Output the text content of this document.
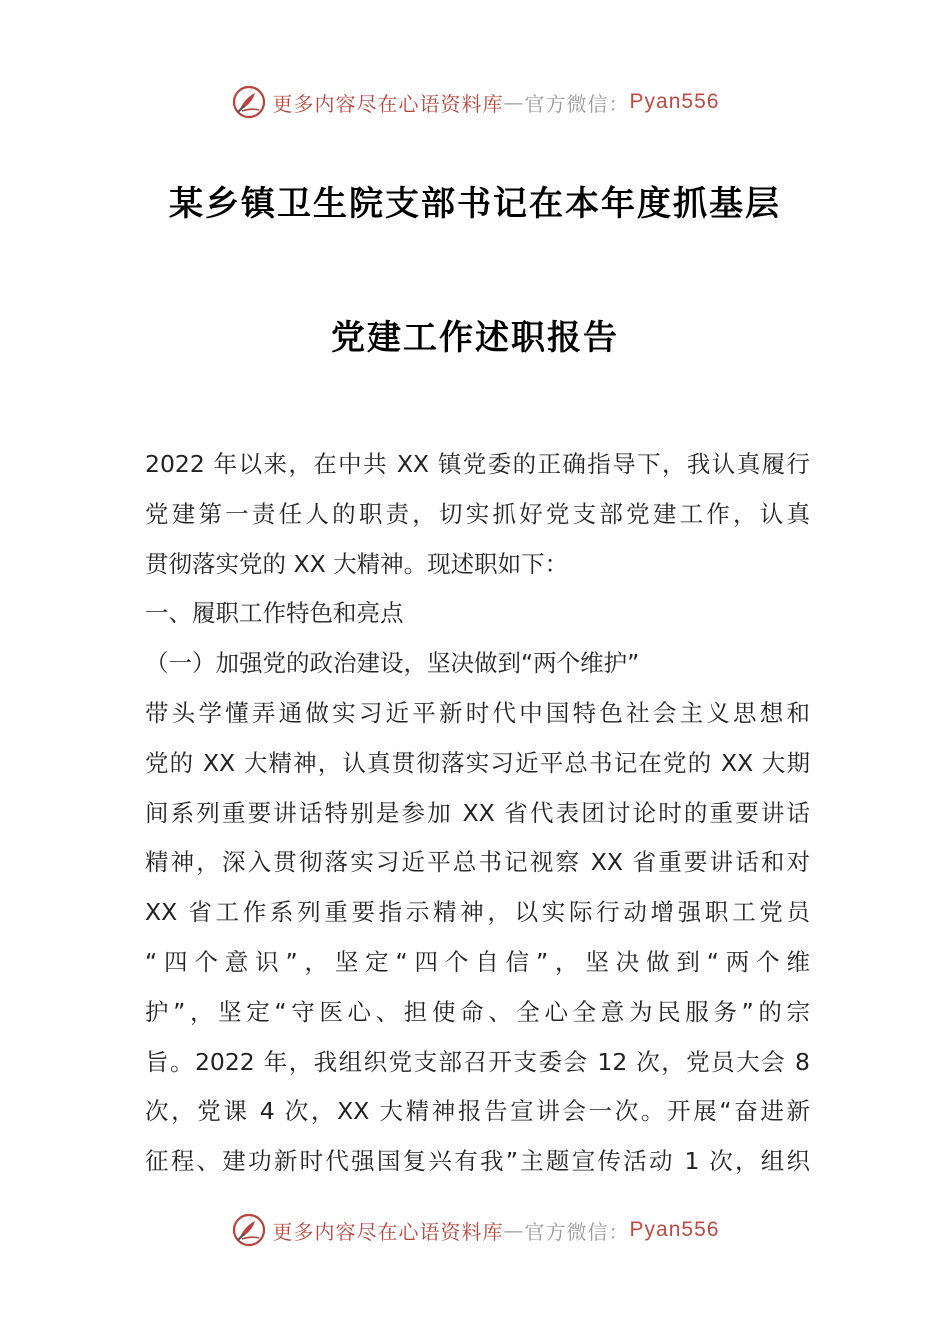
更多内容尽在心语资料库 — 官方微信： Pyan556
某乡镇卫生院支部书记在本年度抓基层
党建工作述职报告

2022 年以来，在中共 XX 镇党委的正确指导下，我认真履行

党建第一责任人的职责，切实抓好党支部党建工作，认真

贯彻落实党的 XX 大精神。现述职如下：

一、履职工作特色和亮点

（一）加强党的政治建设，坚决做到“两个维护”

带头学懂弄通做实习近平新时代中国特色社会主义思想和

党的 XX 大精神，认真贯彻落实习近平总书记在党的 XX 大期

间系列重要讲话特别是参加 XX 省代表团讨论时的重要讲话

精神，深入贯彻落实习近平总书记视察 XX 省重要讲话和对

XX 省工作系列重要指示精神，以实际行动增强职工党员

“四个意识”，坚定“四个自信”，坚决做到“两个维

护”，坚定“守医心、担使命、全心全意为民服务”的宗

旨。2022 年，我组织党支部召开支委会 12 次，党员大会 8

次，党课 4 次，XX 大精神报告宣讲会一次。开展“奋进新

征程、建功新时代强国复兴有我”主题宣传活动 1 次，组织

更多内容尽在心语资料库 — 官方微信： Pyan556
